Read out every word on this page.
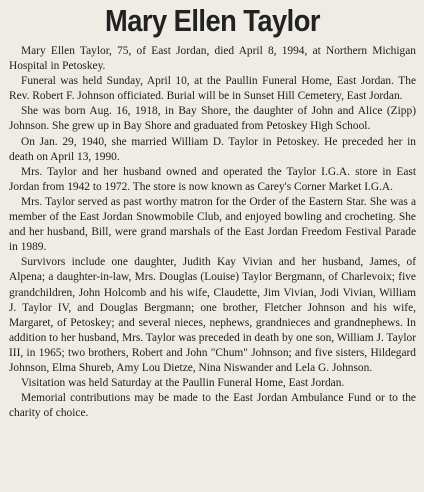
Mary Ellen Taylor

Mary Ellen Taylor, 75, of East Jordan, died April 8, 1994, at Northern Michigan Hospital in Petoskey.

Funeral was held Sunday, April 10, at the Paullin Funeral Home, East Jordan. The Rev. Robert F. Johnson officiated. Burial will be in Sunset Hill Cemetery, East Jordan.

She was born Aug. 16, 1918, in Bay Shore, the daughter of John and Alice (Zipp) Johnson. She grew up in Bay Shore and graduated from Petoskey High School.

On Jan. 29, 1940, she married William D. Taylor in Petoskey. He preceded her in death on April 13, 1990.

Mrs. Taylor and her husband owned and operated the Taylor I.G.A. store in East Jordan from 1942 to 1972. The store is now known as Carey's Corner Market I.G.A.

Mrs. Taylor served as past worthy matron for the Order of the Eastern Star. She was a member of the East Jordan Snowmobile Club, and enjoyed bowling and crocheting. She and her husband, Bill, were grand marshals of the East Jordan Freedom Festival Parade in 1989.

Survivors include one daughter, Judith Kay Vivian and her husband, James, of Alpena; a daughter-in-law, Mrs. Douglas (Louise) Taylor Bergmann, of Charlevoix; five grandchildren, John Holcomb and his wife, Claudette, Jim Vivian, Jodi Vivian, William J. Taylor IV, and Douglas Bergmann; one brother, Fletcher Johnson and his wife, Margaret, of Petoskey; and several nieces, nephews, grandnieces and grandnephews. In addition to her husband, Mrs. Taylor was preceded in death by one son, William J. Taylor III, in 1965; two brothers, Robert and John "Chum" Johnson; and five sisters, Hildegard Johnson, Elma Shureb, Amy Lou Dietze, Nina Niswander and Lela G. Johnson.

Visitation was held Saturday at the Paullin Funeral Home, East Jordan.

Memorial contributions may be made to the East Jordan Ambulance Fund or to the charity of choice.
